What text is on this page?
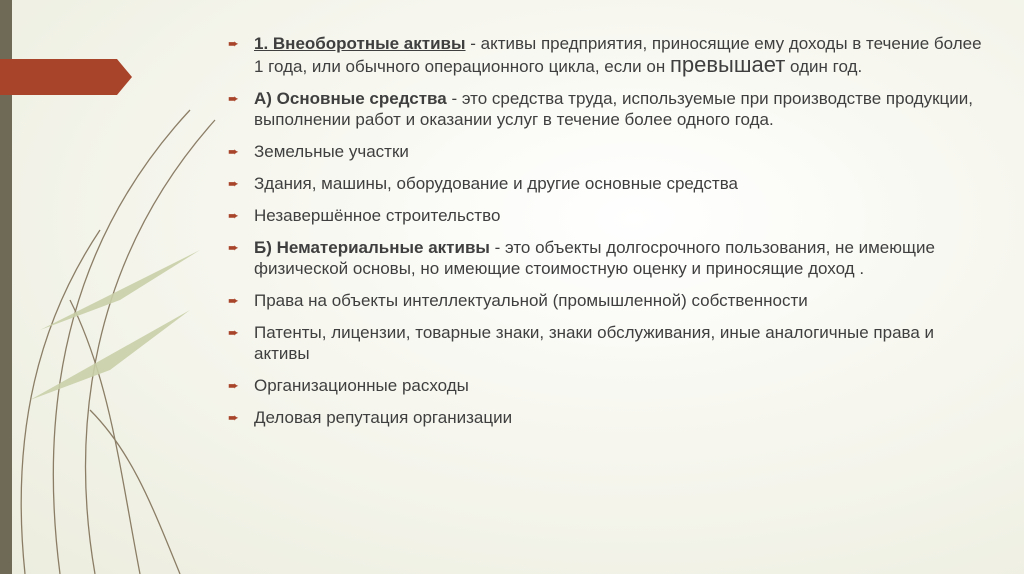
➨ 1. Внеоборотные активы - активы предприятия, приносящие ему доходы в течение более 1 года, или обычного операционного цикла, если он превышает один год.
➨ А) Основные средства - это средства труда, используемые при производстве продукции, выполнении работ и оказании услуг в течение более одного года.
➨ Земельные участки
➨ Здания, машины, оборудование и другие основные средства
➨ Незавершённое строительство
➨ Б) Нематериальные активы - это объекты долгосрочного пользования, не имеющие физической основы, но имеющие стоимостную оценку и приносящие доход .
➨ Права на объекты интеллектуальной (промышленной) собственности
➨ Патенты, лицензии, товарные знаки, знаки обслуживания, иные аналогичные права и активы
➨ Организационные расходы
➨ Деловая репутация организации
